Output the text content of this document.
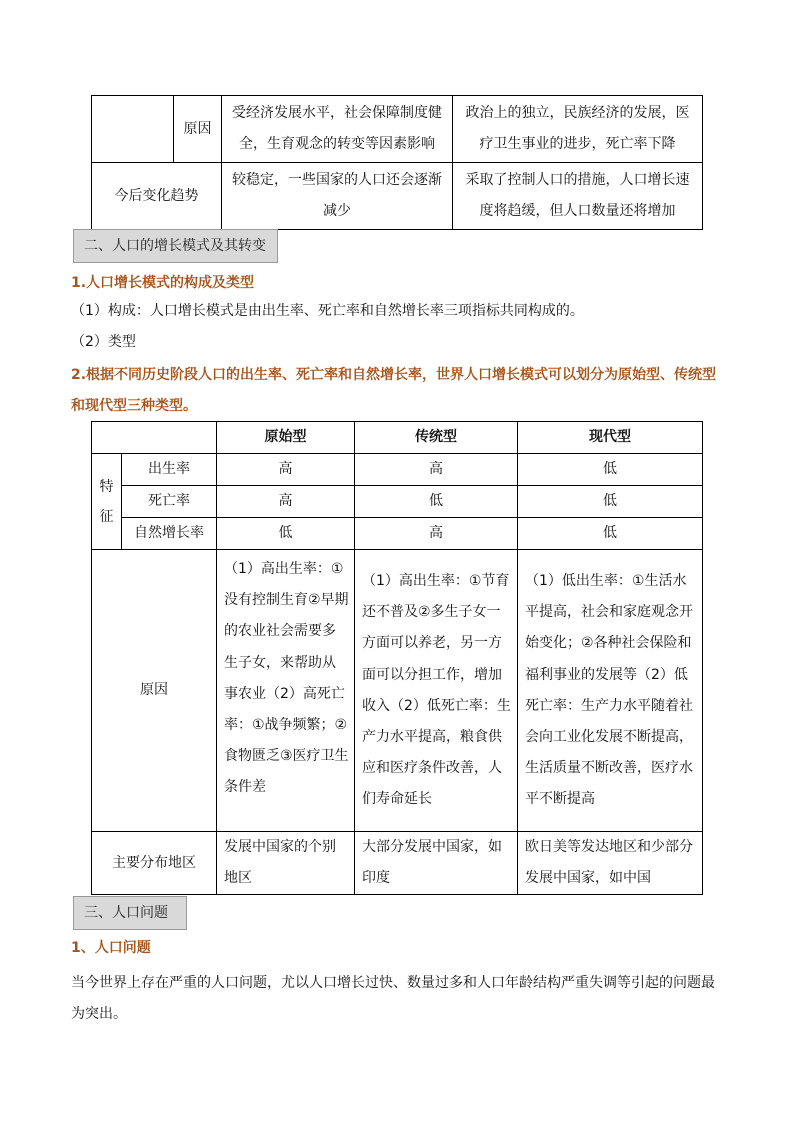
	原因	受经济发展水平，社会保障制度健全，生育观念的转变等因素影响	政治上的独立，民族经济的发展，医疗卫生事业的进步，死亡率下降
今后变化趋势		较稳定，一些国家的人口还会逐渐减少	采取了控制人口的措施，人口增长速度将趋缓，但人口数量还将增加
二、人口的增长模式及其转变
1.人口增长模式的构成及类型
（1）构成：人口增长模式是由出生率、死亡率和自然增长率三项指标共同构成的。
（2）类型
2.根据不同历史阶段人口的出生率、死亡率和自然增长率，世界人口增长模式可以划分为原始型、传统型
和现代型三种类型。
		原始型	传统型	现代型
特征	出生率	高	高	低
	死亡率	高	低	低
	自然增长率	低	高	低
原因		（1）高出生率：①没有控制生育②早期的农业社会需要多生子女，来帮助从事农业（2）高死亡率：①战争频繁；②食物匮乏③医疗卫生条件差	（1）高出生率：①节育还不普及②多生子女一方面可以养老，另一方面可以分担工作，增加收入（2）低死亡率：生产力水平提高，粮食供应和医疗条件改善，人们寿命延长	（1）低出生率：①生活水平提高，社会和家庭观念开始变化；②各种社会保险和福利事业的发展等（2）低死亡率：生产力水平随着社会向工业化发展不断提高，生活质量不断改善，医疗水平不断提高
主要分布地区		发展中国家的个别地区	大部分发展中国家，如印度	欧日美等发达地区和少部分发展中国家，如中国
三、人口问题
1、人口问题
当今世界上存在严重的人口问题，尤以人口增长过快、数量过多和人口年龄结构严重失调等引起的问题最
为突出。
